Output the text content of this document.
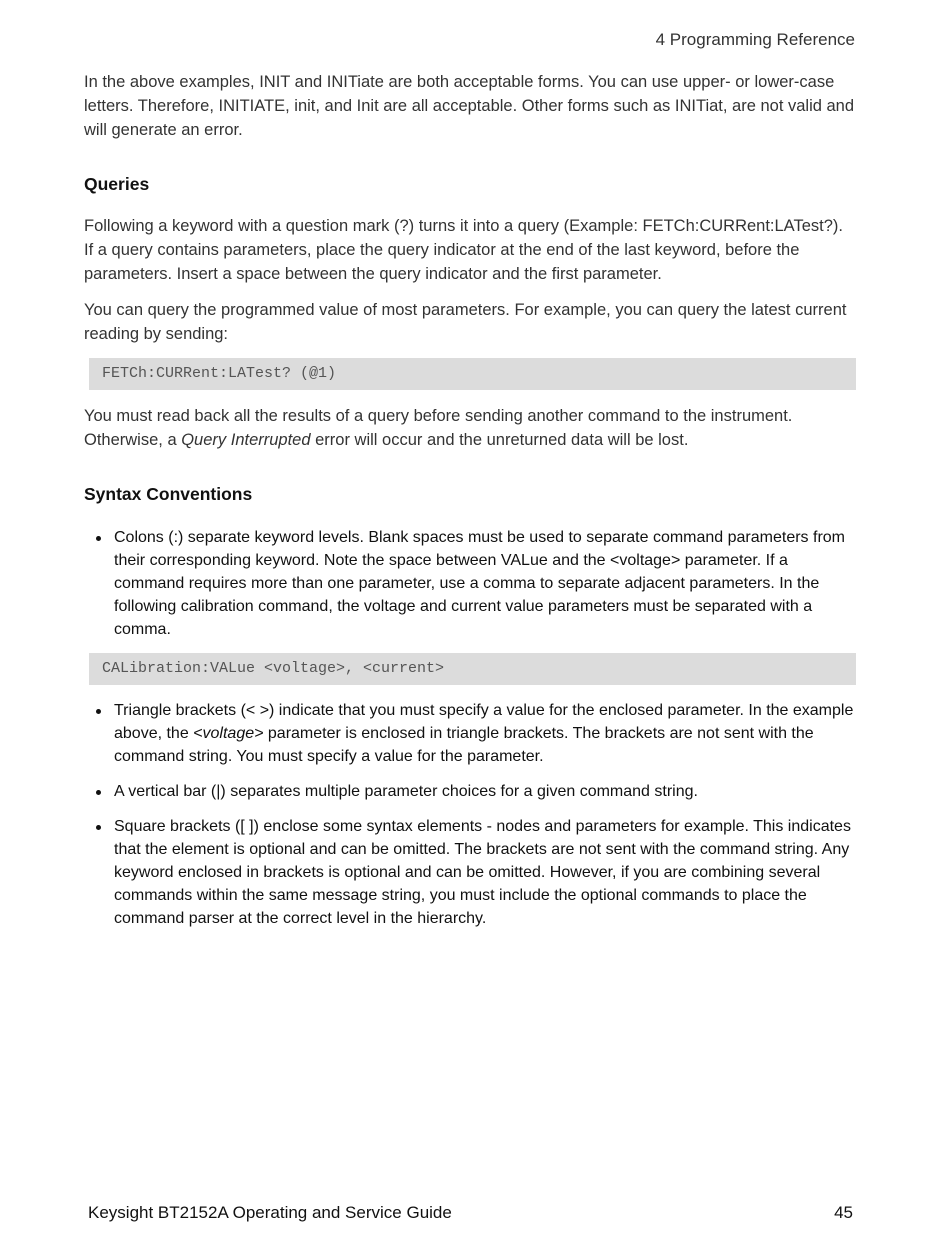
4 Programming Reference

In the above examples, INIT and INITiate are both acceptable forms. You can use upper- or lower-case letters. Therefore, INITIATE, init, and Init are all acceptable. Other forms such as INITiat, are not valid and will generate an error.

Queries

Following a keyword with a question mark (?) turns it into a query (Example: FETCh:CURRent:LATest?). If a query contains parameters, place the query indicator at the end of the last keyword, before the parameters. Insert a space between the query indicator and the first parameter.

You can query the programmed value of most parameters. For example, you can query the latest current reading by sending:

FETCh:CURRent:LATest? (@1)

You must read back all the results of a query before sending another command to the instrument. Otherwise, a Query Interrupted error will occur and the unreturned data will be lost.

Syntax Conventions
Colons (:) separate keyword levels. Blank spaces must be used to separate command parameters from their corresponding keyword. Note the space between VALue and the <voltage> parameter. If a command requires more than one parameter, use a comma to separate adjacent parameters. In the following calibration command, the voltage and current value parameters must be separated with a comma.
CALibration:VALue <voltage>, <current>
Triangle brackets (< >) indicate that you must specify a value for the enclosed parameter. In the example above, the <voltage> parameter is enclosed in triangle brackets. The brackets are not sent with the command string. You must specify a value for the parameter.
A vertical bar (|) separates multiple parameter choices for a given command string.
Square brackets ([ ]) enclose some syntax elements - nodes and parameters for example. This indicates that the element is optional and can be omitted. The brackets are not sent with the command string. Any keyword enclosed in brackets is optional and can be omitted. However, if you are combining several commands within the same message string, you must include the optional commands to place the command parser at the correct level in the hierarchy.
Keysight BT2152A Operating and Service Guide	45
